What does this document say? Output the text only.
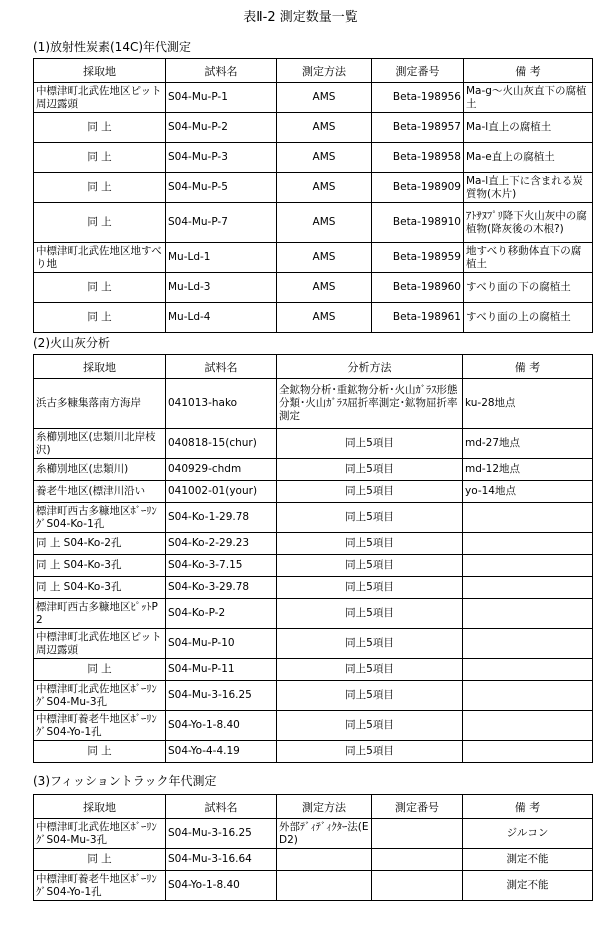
表Ⅱ-2 測定数量一覧
(1)放射性炭素(14C)年代測定
採取地	試料名	測定方法	測定番号	備 考
中標津町北武佐地区ピット周辺露頭	S04-Mu-P-1	AMS	Beta-198956	Ma-g～火山灰直下の腐植土
同 上	S04-Mu-P-2	AMS	Beta-198957	Ma-l直上の腐植土
同 上	S04-Mu-P-3	AMS	Beta-198958	Ma-e直上の腐植土
同 上	S04-Mu-P-5	AMS	Beta-198909	Ma-l直上下に含まれる炭質物(木片)
同 上	S04-Mu-P-7	AMS	Beta-198910	ｱﾄｻﾇﾌﾟﾘ降下火山灰中の腐植物(降灰後の木根?)
中標津町北武佐地区地すべり地	Mu-Ld-1	AMS	Beta-198959	地すべり移動体直下の腐植土
同 上	Mu-Ld-3	AMS	Beta-198960	すべり面の下の腐植土
同 上	Mu-Ld-4	AMS	Beta-198961	すべり面の上の腐植土
(2)火山灰分析
採取地	試料名	分析方法	備 考
浜古多糠集落南方海岸	041013-hako	全鉱物分析･重鉱物分析･火山ｶﾞﾗｽ形態分類･火山ｶﾞﾗｽ屈折率測定･鉱物屈折率測定	ku-28地点
糸櫛別地区(忠類川北岸枝沢)	040818-15(chur)	同上5項目	md-27地点
糸櫛別地区(忠類川)	040929-chdm	同上5項目	md-12地点
養老牛地区(標津川沿い	041002-01(your)	同上5項目	yo-14地点
標津町西古多糠地区ﾎﾞｰﾘﾝｸﾞS04-Ko-1孔	S04-Ko-1-29.78	同上5項目	
同 上 S04-Ko-2孔	S04-Ko-2-29.23	同上5項目	
同 上 S04-Ko-3孔	S04-Ko-3-7.15	同上5項目	
同 上 S04-Ko-3孔	S04-Ko-3-29.78	同上5項目	
標津町西古多糠地区ﾋﾟｯﾄP2	S04-Ko-P-2	同上5項目	
中標津町北武佐地区ピット周辺露頭	S04-Mu-P-10	同上5項目	
同 上	S04-Mu-P-11	同上5項目	
中標津町北武佐地区ﾎﾞｰﾘﾝｸﾞS04-Mu-3孔	S04-Mu-3-16.25	同上5項目	
中標津町養老牛地区ﾎﾞｰﾘﾝｸﾞS04-Yo-1孔	S04-Yo-1-8.40	同上5項目	
同 上	S04-Yo-4-4.19	同上5項目	
(3)フィッショントラック年代測定
採取地	試料名	測定方法	測定番号	備 考
中標津町北武佐地区ﾎﾞｰﾘﾝｸﾞS04-Mu-3孔	S04-Mu-3-16.25	外部ﾃﾞｨﾃﾞｨｸﾀｰ法(ED2)		ジルコン
同 上	S04-Mu-3-16.64			測定不能
中標津町養老牛地区ﾎﾞｰﾘﾝｸﾞS04-Yo-1孔	S04-Yo-1-8.40			測定不能
